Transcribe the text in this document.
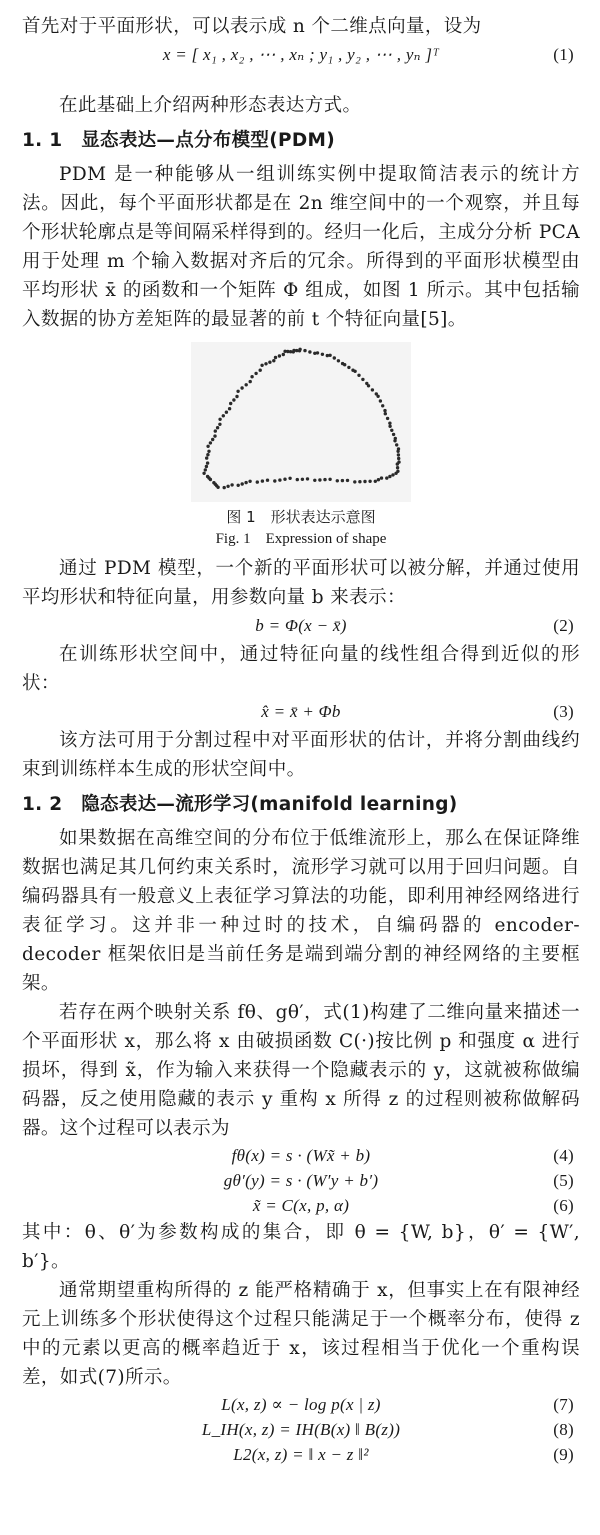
首先对于平面形状，可以表示成 n 个二维点向量，设为

x = [ x₁ , x₂ , ⋯ , xₙ ; y₁ , y₂ , ⋯ , yₙ ]ᵀ	(1)

在此基础上介绍两种形态表达方式。

1. 1　显态表达—点分布模型(PDM)

PDM 是一种能够从一组训练实例中提取简洁表示的统计方法。因此，每个平面形状都是在 2n 维空间中的一个观察，并且每个形状轮廓点是等间隔采样得到的。经归一化后，主成分分析 PCA 用于处理 m 个输入数据对齐后的冗余。所得到的平面形状模型由平均形状 x̄ 的函数和一个矩阵 Φ 组成，如图 1 所示。其中包括输入数据的协方差矩阵的最显著的前 t 个特征向量[5]。

图 1　形状表达示意图
Fig. 1　Expression of shape

通过 PDM 模型，一个新的平面形状可以被分解，并通过使用平均形状和特征向量，用参数向量 b 来表示：

b = Φ(x − x̄)	(2)

在训练形状空间中，通过特征向量的线性组合得到近似的形状：

x̂ = x̄ + Φb	(3)

该方法可用于分割过程中对平面形状的估计，并将分割曲线约束到训练样本生成的形状空间中。

1. 2　隐态表达—流形学习(manifold learning)

如果数据在高维空间的分布位于低维流形上，那么在保证降维数据也满足其几何约束关系时，流形学习就可以用于回归问题。自编码器具有一般意义上表征学习算法的功能，即利用神经网络进行表征学习。这并非一种过时的技术，自编码器的 encoder-decoder 框架依旧是当前任务是端到端分割的神经网络的主要框架。

若存在两个映射关系 fθ、gθ′，式(1)构建了二维向量来描述一个平面形状 x，那么将 x 由破损函数 C(·)按比例 p 和强度 α 进行损坏，得到 x̃，作为输入来获得一个隐藏表示的 y，这就被称做编码器，反之使用隐藏的表示 y 重构 x 所得 z 的过程则被称做解码器。这个过程可以表示为

fθ(x) = s · (Wx̃ + b)	(4)
gθ′(y) = s · (W′y + b′)	(5)
x̃ = C(x, p, α)	(6)

其中：θ、θ′为参数构成的集合，即 θ = {W, b}，θ′ = {W′, b′}。

通常期望重构所得的 z 能严格精确于 x，但事实上在有限神经元上训练多个形状使得这个过程只能满足于一个概率分布，使得 z 中的元素以更高的概率趋近于 x，该过程相当于优化一个重构误差，如式(7)所示。

L(x, z) ∝ − log p(x | z)	(7)
L_IH(x, z) = IH(B(x) ‖ B(z))	(8)
L2(x, z) = ‖ x − z ‖²	(9)
